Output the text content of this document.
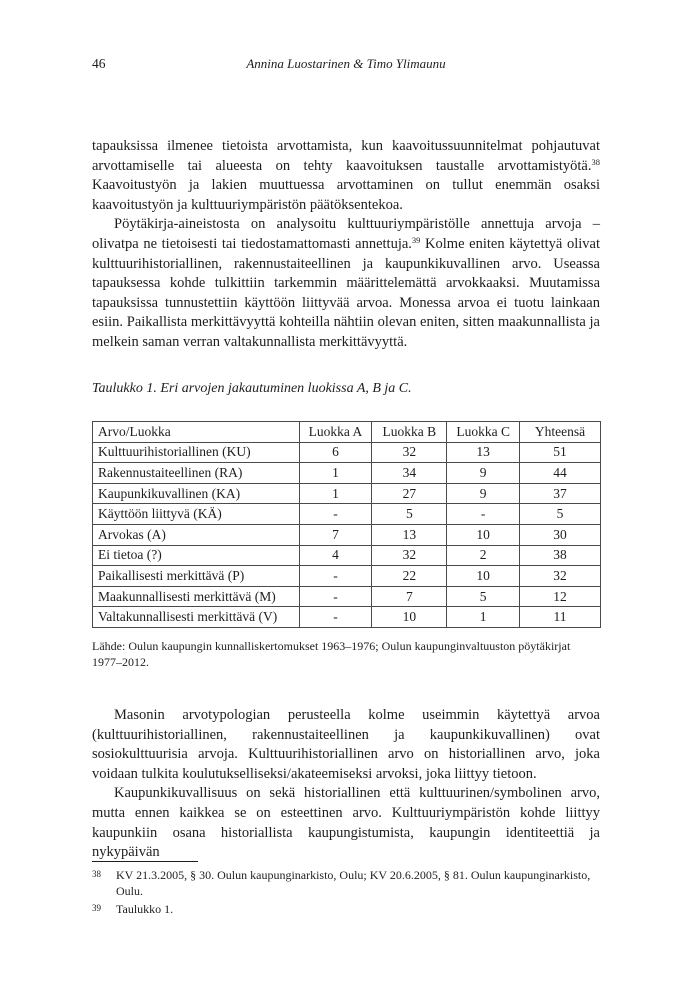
46	Annina Luostarinen & Timo Ylimaunu

tapauksissa ilmenee tietoista arvottamista, kun kaavoitussuunnitelmat pohjautuvat arvottamiselle tai alueesta on tehty kaavoituksen taustalle arvottamistyötä.$^{38}$ Kaavoitustyön ja lakien muuttuessa arvottaminen on tullut enemmän osaksi kaavoitustyön ja kulttuuriympäristön päätöksentekoa.

Pöytäkirja-aineistosta on analysoitu kulttuuriympäristölle annettuja arvoja – olivatpa ne tietoisesti tai tiedostamattomasti annettuja.$^{39}$ Kolme eniten käytettyä olivat kulttuurihistoriallinen, rakennustaiteellinen ja kaupunkikuvallinen arvo. Useassa tapauksessa kohde tulkittiin tarkemmin määrittelemättä arvokkaaksi. Muutamissa tapauksissa tunnustettiin käyttöön liittyvää arvoa. Monessa arvoa ei tuotu lainkaan esiin. Paikallista merkittävyyttä kohteilla nähtiin olevan eniten, sitten maakunnallista ja melkein saman verran valtakunnallista merkittävyyttä.

Taulukko 1. Eri arvojen jakautuminen luokissa A, B ja C.
Arvo/Luokka	Luokka A	Luokka B	Luokka C	Yhteensä
Kulttuurihistoriallinen (KU)	6	32	13	51
Rakennustaiteellinen (RA)	1	34	9	44
Kaupunkikuvallinen (KA)	1	27	9	37
Käyttöön liittyvä (KÄ)	-	5	-	5
Arvokas (A)	7	13	10	30
Ei tietoa (?)	4	32	2	38
Paikallisesti merkittävä (P)	-	22	10	32
Maakunnallisesti merkittävä (M)	-	7	5	12
Valtakunnallisesti merkittävä (V)	-	10	1	11
Lähde: Oulun kaupungin kunnalliskertomukset 1963–1976; Oulun kaupunginvaltuuston pöytäkirjat 1977–2012.

Masonin arvotypologian perusteella kolme useimmin käytettyä arvoa (kulttuurihistoriallinen, rakennustaiteellinen ja kaupunkikuvallinen) ovat sosiokulttuurisia arvoja. Kulttuurihistoriallinen arvo on historiallinen arvo, joka voidaan tulkita koulutukselliseksi/akateemiseksi arvoksi, joka liittyy tietoon.

Kaupunkikuvallisuus on sekä historiallinen että kulttuurinen/symbolinen arvo, mutta ennen kaikkea se on esteettinen arvo. Kulttuuriympäristön kohde liittyy kaupunkiin osana historiallista kaupungistumista, kaupungin identiteettiä ja nykypäivän

38 KV 21.3.2005, § 30. Oulun kaupunginarkisto, Oulu; KV 20.6.2005, § 81. Oulun kaupunginarkisto, Oulu.
39 Taulukko 1.
